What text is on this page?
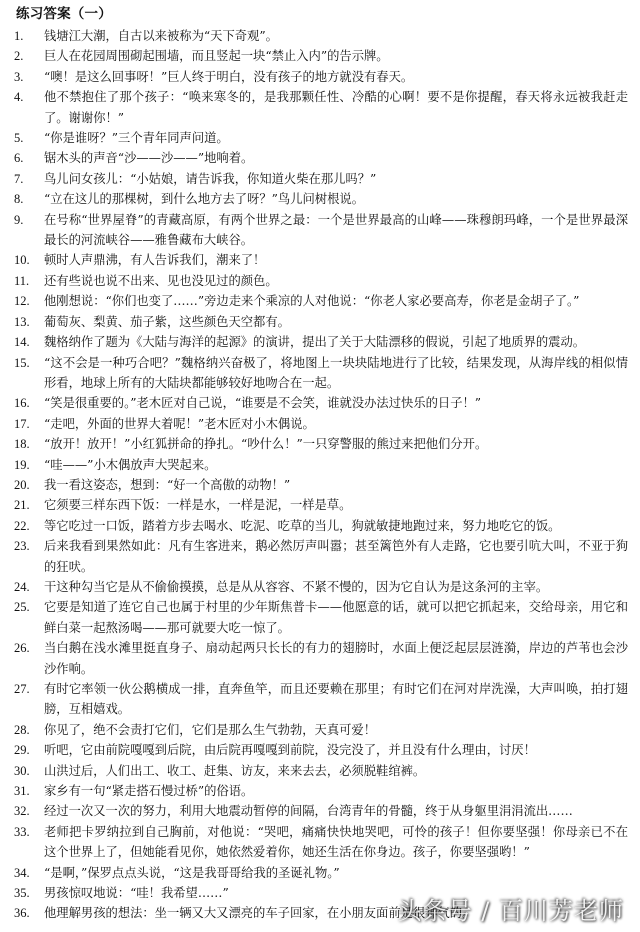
练习答案（一）
1.	钱塘江大潮，自古以来被称为“天下奇观”。
2.	巨人在花园周围砌起围墙，而且竖起一块“禁止入内”的告示牌。
3.	“噢！是这么回事呀！”巨人终于明白，没有孩子的地方就没有春天。
4.	他不禁抱住了那个孩子：“唤来寒冬的，是我那颗任性、冷酷的心啊！要不是你提醒，春天将永远被我赶走了。谢谢你！”
5.	“你是谁呀？”三个青年同声问道。
6.	锯木头的声音“沙——沙——”地响着。
7.	鸟儿问女孩儿：“小姑娘，请告诉我，你知道火柴在那儿吗？”
8.	“立在这儿的那棵树，到什么地方去了呀？”鸟儿问树根说。
9.	在号称“世界屋脊”的青藏高原，有两个世界之最：一个是世界最高的山峰——珠穆朗玛峰，一个是世界最深最长的河流峡谷——雅鲁藏布大峡谷。
10.	顿时人声鼎沸，有人告诉我们，潮来了！
11.	还有些说也说不出来、见也没见过的颜色。
12.	他刚想说：“你们也变了……”旁边走来个乘凉的人对他说：“你老人家必要高寿，你老是金胡子了。”
13.	葡萄灰、梨黄、茄子紫，这些颜色天空都有。
14.	魏格纳作了题为《大陆与海洋的起源》的演讲，提出了关于大陆漂移的假说，引起了地质界的震动。
15.	“这不会是一种巧合吧？”魏格纳兴奋极了，将地图上一块块陆地进行了比较，结果发现，从海岸线的相似情形看，地球上所有的大陆块都能够较好地吻合在一起。
16.	“笑是很重要的。”老木匠对自己说，“谁要是不会笑，谁就没办法过快乐的日子！”
17.	“走吧，外面的世界大着呢！”老木匠对小木偶说。
18.	“放开！放开！”小红狐拼命的挣扎。“吵什么！”一只穿警服的熊过来把他们分开。
19.	“哇——”小木偶放声大哭起来。
20.	我一看这姿态，想到：“好一个高傲的动物！”
21.	它须要三样东西下饭：一样是水，一样是泥，一样是草。
22.	等它吃过一口饭，踏着方步去喝水、吃泥、吃草的当儿，狗就敏捷地跑过来，努力地吃它的饭。
23.	后来我看到果然如此：凡有生客进来，鹅必然厉声叫嚣；甚至篱笆外有人走路，它也要引吭大叫，不亚于狗的狂吠。
24.	干这种勾当它是从不偷偷摸摸，总是从从容容、不紧不慢的，因为它自认为是这条河的主宰。
25.	它要是知道了连它自己也属于村里的少年斯焦普卡——他愿意的话，就可以把它抓起来，交给母亲，用它和鲜白菜一起熬汤喝——那可就要大吃一惊了。
26.	当白鹅在浅水滩里挺直身子、扇动起两只长长的有力的翅膀时，水面上便泛起层层涟漪，岸边的芦苇也会沙沙作响。
27.	有时它率领一伙公鹅横成一排，直奔鱼竿，而且还要赖在那里；有时它们在河对岸洗澡，大声叫唤，拍打翅膀，互相嬉戏。
28.	你见了，绝不会责打它们，它们是那么生气勃勃，天真可爱！
29.	听吧，它由前院嘎嘎到后院，由后院再嘎嘎到前院，没完没了，并且没有什么理由，讨厌！
30.	山洪过后，人们出工、收工、赶集、访友，来来去去，必须脱鞋绾裤。
31.	家乡有一句“紧走搭石慢过桥”的俗语。
32.	经过一次又一次的努力，利用大地震动暂停的间隔，台湾青年的骨髓，终于从身躯里涓涓流出……
33.	老师把卡罗纳拉到自己胸前，对他说：“哭吧，痛痛快快地哭吧，可怜的孩子！但你要坚强！你母亲已不在这个世界上了，但她能看见你，她依然爱着你，她还生活在你身边。孩子，你要坚强哟！”
34.	“是啊，”保罗点点头说，“这是我哥哥给我的圣诞礼物。”
35.	男孩惊叹地说：“哇！我希望……”
36.	他理解男孩的想法：坐一辆又大又漂亮的车子回家，在小朋友面前是很神气的。
头条号 / 百川芳老师
